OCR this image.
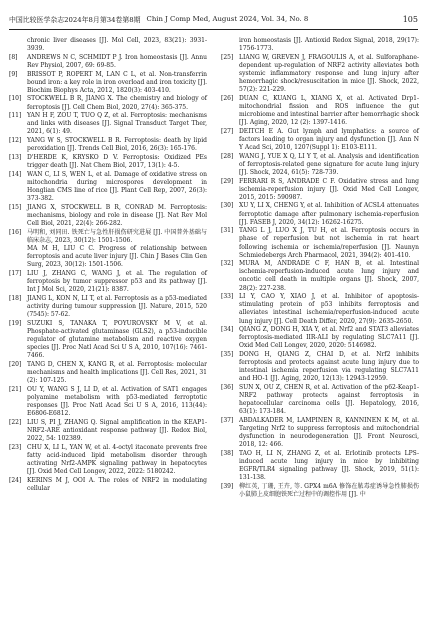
中国比较医学杂志2024年8月第34卷第8期 Chin J Comp Med, August 2024, Vol. 34, No. 8	105
chronic liver diseases [J]. Mol Cell, 2023, 83(21): 3931-3939.
[8]	ANDREWS N C, SCHMIDT P J. Iron homeostasis [J]. Annu Rev Physiol, 2007, 69: 69-85.
[9]	BRISSOT P, ROPERT M, LAN C L, et al. Non-transferrin bound iron: a key role in iron overload and iron toxicity [J]. Biochim Biophys Acta, 2012, 1820(3): 403-410.
[10] STOCKWELL B R, JIANG X. The chemistry and biology of ferroptosis [J]. Cell Chem Biol, 2020, 27(4): 365-375.
[11] YAN H F, ZOU T, TUO Q Z, et al. Ferroptosis: mechanisms and links with diseases [J]. Signal Transduct Target Ther, 2021, 6(1): 49.
[12] YANG W S, STOCKWELL B R. Ferroptosis: death by lipid peroxidation [J]. Trends Cell Biol, 2016, 26(3): 165-176.
[13] D'HERDE K, KRYSKO D V. Ferroptosis: Oxidized PEs trigger death [J]. Nat Chem Biol, 2017, 13(1): 4-5.
[14] WAN C, LI S, WEN L, et al. Damage of oxidative stress on mitochondria during microspores development in Honglian CMS line of rice [J]. Plant Cell Rep, 2007, 26(3): 373-382.
[15] JIANG X, STOCKWELL B R, CONRAD M. Ferroptosis: mechanisms, biology and role in disease [J]. Nat Rev Mol Cell Biol, 2021, 22(4): 266-282.
[16] 马明和, 刘同田. 铁死亡与急性肝损伤研究进展 [J]. 中国普外基础与临床杂志, 2023, 30(12): 1501-1506.
MA M H, LIU C C. Progress of relationship between ferroptosis and acute liver injury [J]. Chin J Bases Clin Gen Surg, 2023, 30(12): 1501-1506.
[17] LIU J, ZHANG C, WANG J, et al. The regulation of ferroptosis by tumor suppressor p53 and its pathway [J]. Int J Mol Sci, 2020, 21(21): 8387.
[18] JIANG L, KON N, LI T, et al. Ferroptosis as a p53-mediated activity during tumour suppression [J]. Nature, 2015, 520 (7545): 57-62.
[19] SUZUKI S, TANAKA T, POYUROVSKY M V, et al. Phosphate-activated glutaminase (GLS2), a p53-inducible regulator of glutamine metabolism and reactive oxygen species [J]. Proc Natl Acad Sci U S A, 2010, 107(16): 7461-7466.
[20] TANG D, CHEN X, KANG R, et al. Ferroptosis: molecular mechanisms and health implications [J]. Cell Res, 2021, 31 (2): 107-125.
[21] OU Y, WANG S J, LI D, et al. Activation of SAT1 engages polyamine metabolism with p53-mediated ferroptotic responses [J]. Proc Natl Acad Sci U S A, 2016, 113(44): E6806-E6812.
[22] LIU S, PI J, ZHANG Q. Signal amplification in the KEAP1-NRF2-ARE antioxidant response pathway [J]. Redox Biol, 2022, 54: 102389.
[23] CHU X, LI L, YAN W, et al. 4-octyl itaconate prevents free fatty acid-induced lipid metabolism disorder through activating Nrf2-AMPK signaling pathway in hepatocytes [J]. Oxid Med Cell Longev, 2022, 2022: 5180242.
[24] KERINS M J, OOI A. The roles of NRF2 in modulating cellular
iron homeostasis [J]. Antioxid Redox Signal, 2018, 29(17): 1756-1773.
[25] LIANG W, GREVEN J, FRAGOULIS A, et al. Sulforaphane-dependent up-regulation of NRF2 activity alleviates both systemic inflammatory response and lung injury after hemorrhagic shock/resuscitation in mice [J]. Shock, 2022, 57(2): 221-229.
[26] DUAN C, KUANG L, XIANG X, et al. Activated Drp1-mitochondrial fission and ROS influence the gut microbiome and intestinal barrier after hemorrhagic shock [J]. Aging, 2020, 12 (2): 1397-1416.
[27] DEITCH E A. Gut lymph and lymphatics: a source of factors leading to organ injury and dysfunction [J]. Ann N Y Acad Sci, 2010, 1207(Suppl 1): E103-E111.
[28] WANG J, YUE X Q, LI Y T, et al. Analysis and identification of ferroptosis-related gene signature for acute lung injury [J]. Shock, 2024, 61(5): 728-739.
[29] FERRARI R S, ANDRADE C F. Oxidative stress and lung ischemia-reperfusion injury [J]. Oxid Med Cell Longev, 2015, 2015: 590987.
[30] XU Y, LI X, CHENG Y, et al. Inhibition of ACSL4 attenuates ferroptotic damage after pulmonary ischemia-reperfusion [J]. FASEB J, 2020, 34(12): 16262-16275.
[31] TANG L J, LUO X J, TU H, et al. Ferroptosis occurs in phase of reperfusion but not ischemia in rat heart following ischemia or ischemia/reperfusion [J]. Naunyn Schmiedebergs Arch Pharmacol, 2021, 394(2): 401-410.
[32] MURA M, ANDRADE C F, HAN B, et al. Intestinal ischemia-reperfusion-induced acute lung injury and oncotic cell death in multiple organs [J]. Shock, 2007, 28(2): 227-238.
[33] LI Y, CAO Y, XIAO J, et al. Inhibitor of apoptosis-stimulating protein of p53 inhibits ferroptosis and alleviates intestinal ischemia/reperfusion-induced acute lung injury [J]. Cell Death Differ, 2020, 27(9): 2635-2650.
[34] QIANG Z, DONG H, XIA Y, et al. Nrf2 and STAT3 alleviates ferroptosis-mediated IIR-ALI by regulating SLC7A11 [J]. Oxid Med Cell Longev, 2020, 2020: 5146982.
[35] DONG H, QIANG Z, CHAI D, et al. Nrf2 inhibits ferroptosis and protects against acute lung injury due to intestinal ischemia reperfusion via regulating SLC7A11 and HO-1 [J]. Aging, 2020, 12(13): 12943-12959.
[36] SUN X, OU Z, CHEN R, et al. Activation of the p62-Keap1-NRF2 pathway protects against ferroptosis in hepatocellular carcinoma cells [J]. Hepatology, 2016, 63(1): 173-184.
[37] ABDALKADER M, LAMPINEN R, KANNINEN K M, et al. Targeting Nrf2 to suppress ferroptosis and mitochondrial dysfunction in neurodegeneration [J]. Front Neurosci, 2018, 12: 466.
[38] TAO H, LI N, ZHANG Z, et al. Erlotinib protects LPS-induced acute lung injury in mice by inhibiting EGFR/TLR4 signaling pathway [J]. Shock, 2019, 51(1): 131-138.
[39] 柳红英, 丁珊, 王卉, 等. GPX4 m6A 修饰在脓毒症诱导急性肺损伤小鼠肺上皮细胞铁死亡过程中的调控作用 [J]. 中
